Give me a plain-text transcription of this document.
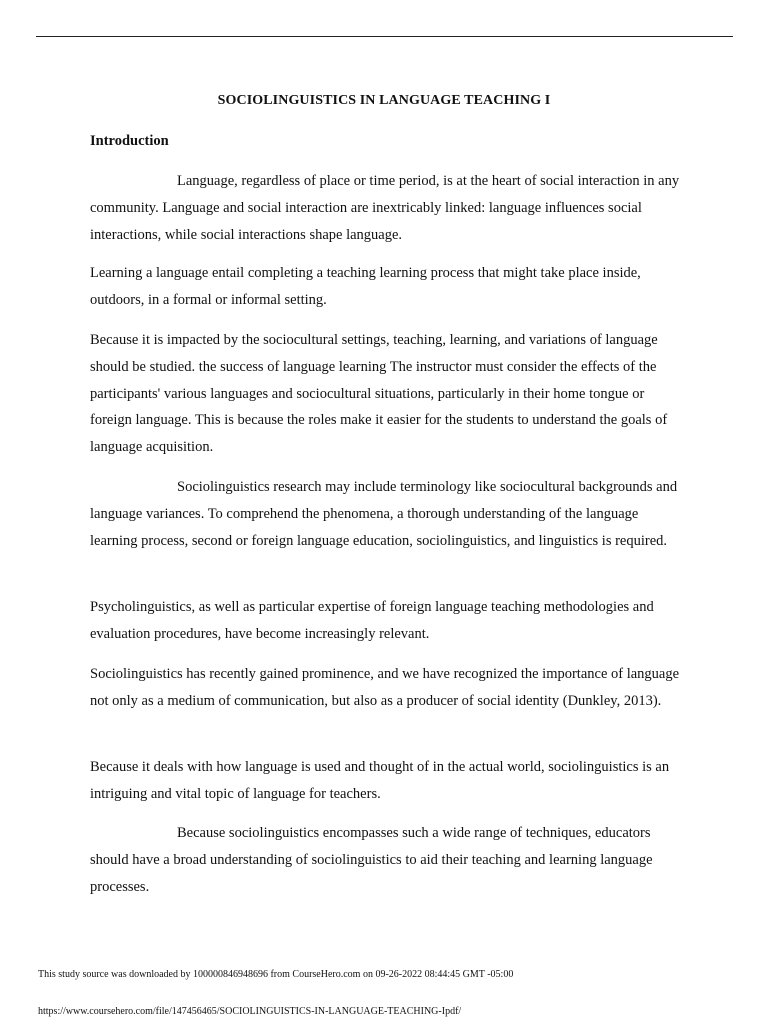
SOCIOLINGUISTICS IN LANGUAGE TEACHING I
Introduction

Language, regardless of place or time period, is at the heart of social interaction in any community. Language and social interaction are inextricably linked: language influences social interactions, while social interactions shape language.

Learning a language entail completing a teaching learning process that might take place inside, outdoors, in a formal or informal setting.

Because it is impacted by the sociocultural settings, teaching, learning, and variations of language should be studied. the success of language learning The instructor must consider the effects of the participants' various languages and sociocultural situations, particularly in their home tongue or foreign language. This is because the roles make it easier for the students to understand the goals of language acquisition.

Sociolinguistics research may include terminology like sociocultural backgrounds and language variances. To comprehend the phenomena, a thorough understanding of the language learning process, second or foreign language education, sociolinguistics, and linguistics is required.

Psycholinguistics, as well as particular expertise of foreign language teaching methodologies and evaluation procedures, have become increasingly relevant.

Sociolinguistics has recently gained prominence, and we have recognized the importance of language not only as a medium of communication, but also as a producer of social identity (Dunkley, 2013).

Because it deals with how language is used and thought of in the actual world, sociolinguistics is an intriguing and vital topic of language for teachers.

Because sociolinguistics encompasses such a wide range of techniques, educators should have a broad understanding of sociolinguistics to aid their teaching and learning language processes.

This study source was downloaded by 100000846948696 from CourseHero.com on 09-26-2022 08:44:45 GMT -05:00
https://www.coursehero.com/file/147456465/SOCIOLINGUISTICS-IN-LANGUAGE-TEACHING-Ipdf/
